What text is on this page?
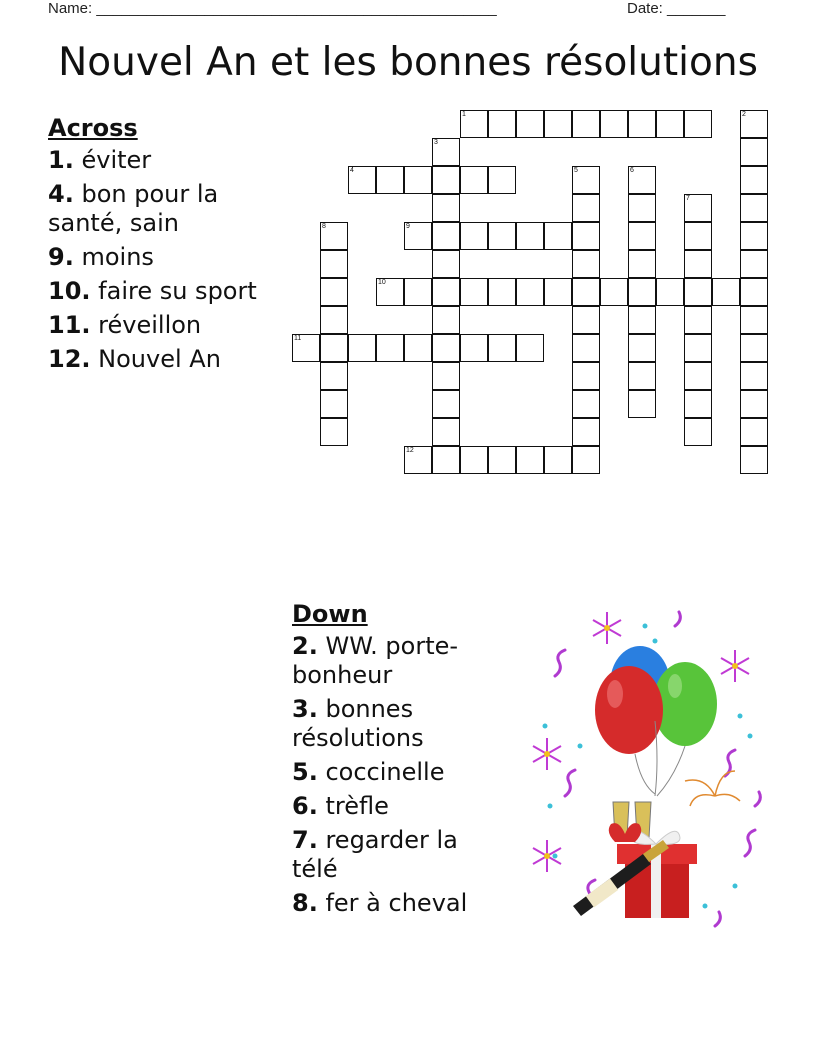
Name: ________________________________________________	Date: _______
Nouvel An et les bonnes résolutions
Across
1. éviter
4. bon pour la santé, sain
9. moins
10. faire su sport
11. réveillon
12. Nouvel An
Down
2. WW. porte-bonheur
3. bonnes résolutions
5. coccinelle
6. trèfle
7. regarder la télé
8. fer à cheval
1	2
3
4	5	6
7
8	9
10
11
12
